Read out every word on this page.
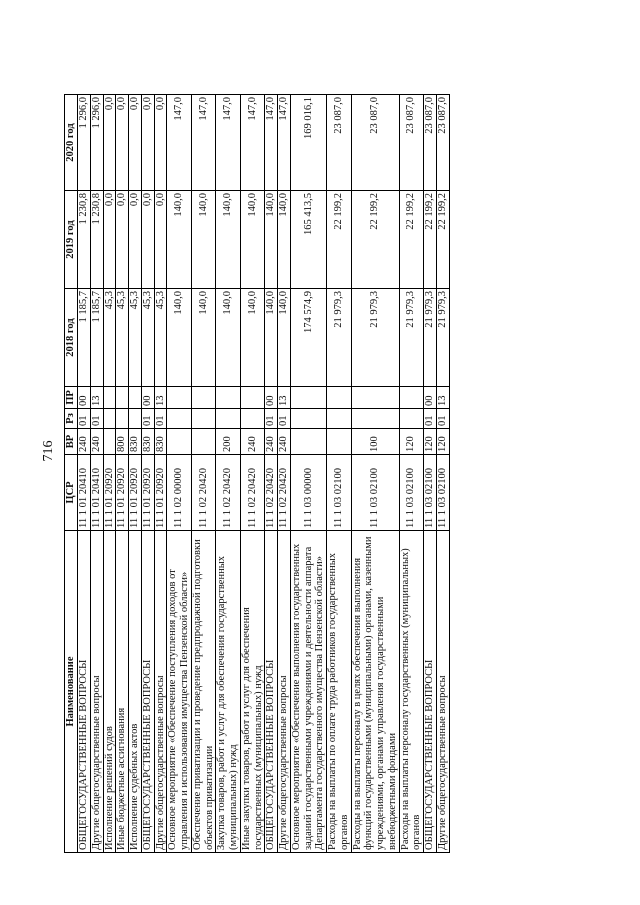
716
Наименование	ЦСР	ВР	Рз	ПР	2018 год	2019 год	2020 год
ОБЩЕГОСУДАРСТВЕННЫЕ ВОПРОСЫ	11 1 01 20410	240	01	00	1 185,7	1 230,8	1 296,0
Другие общегосударственные вопросы	11 1 01 20410	240	01	13	1 185,7	1 230,8	1 296,0
Исполнение решений судов	11 1 01 20920				45,3	0,0	0,0
Иные бюджетные ассигнования	11 1 01 20920	800			45,3	0,0	0,0
Исполнение судебных актов	11 1 01 20920	830			45,3	0,0	0,0
ОБЩЕГОСУДАРСТВЕННЫЕ ВОПРОСЫ	11 1 01 20920	830	01	00	45,3	0,0	0,0
Другие общегосударственные вопросы	11 1 01 20920	830	01	13	45,3	0,0	0,0
Основное мероприятие «Обеспечение поступления доходов от управления и использования имущества Пензенской области»	11 1 02 00000				140,0	140,0	147,0
Обеспечение приватизации и проведение предпродажной подготовки объектов приватизации	11 1 02 20420				140,0	140,0	147,0
Закупка товаров, работ и услуг для обеспечения государственных (муниципальных) нужд	11 1 02 20420	200			140,0	140,0	147,0
Иные закупки товаров, работ и услуг для обеспечения государственных (муниципальных) нужд	11 1 02 20420	240			140,0	140,0	147,0
ОБЩЕГОСУДАРСТВЕННЫЕ ВОПРОСЫ	11 1 02 20420	240	01	00	140,0	140,0	147,0
Другие общегосударственные вопросы	11 1 02 20420	240	01	13	140,0	140,0	147,0
Основное мероприятие «Обеспечение выполнения государственных заданий государственными учреждениями и деятельности аппарата Департамента государственного имущества Пензенской области»	11 1 03 00000				174 574,9	165 413,5	169 016,1
Расходы на выплаты по оплате труда работников государственных органов	11 1 03 02100				21 979,3	22 199,2	23 087,0
Расходы на выплаты персоналу в целях обеспечения выполнения функций государственными (муниципальными) органами, казенными учреждениями, органами управления государственными внебюджетными фондами	11 1 03 02100	100			21 979,3	22 199,2	23 087,0
Расходы на выплаты персоналу государственных (муниципальных) органов	11 1 03 02100	120			21 979,3	22 199,2	23 087,0
ОБЩЕГОСУДАРСТВЕННЫЕ ВОПРОСЫ	11 1 03 02100	120	01	00	21 979,3	22 199,2	23 087,0
Другие общегосударственные вопросы	11 1 03 02100	120	01	13	21 979,3	22 199,2	23 087,0
